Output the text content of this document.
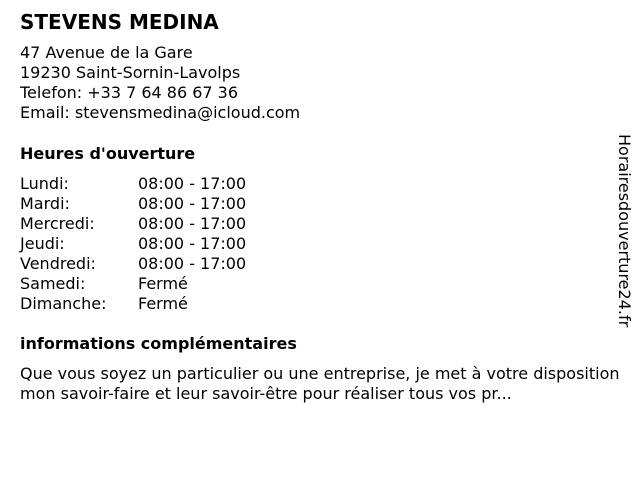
STEVENS MEDINA
47 Avenue de la Gare
19230 Saint-Sornin-Lavolps
Telefon: +33 7 64 86 67 36
Email: stevensmedina@icloud.com
Heures d'ouverture
Lundi:	08:00 - 17:00
Mardi:	08:00 - 17:00
Mercredi:	08:00 - 17:00
Jeudi:	08:00 - 17:00
Vendredi:	08:00 - 17:00
Samedi:	Fermé
Dimanche: Fermé
informations complémentaires
Que vous soyez un particulier ou une entreprise, je met à votre disposition mon savoir-faire et leur savoir-être pour réaliser tous vos pr...
Horairesdouverture24.fr
